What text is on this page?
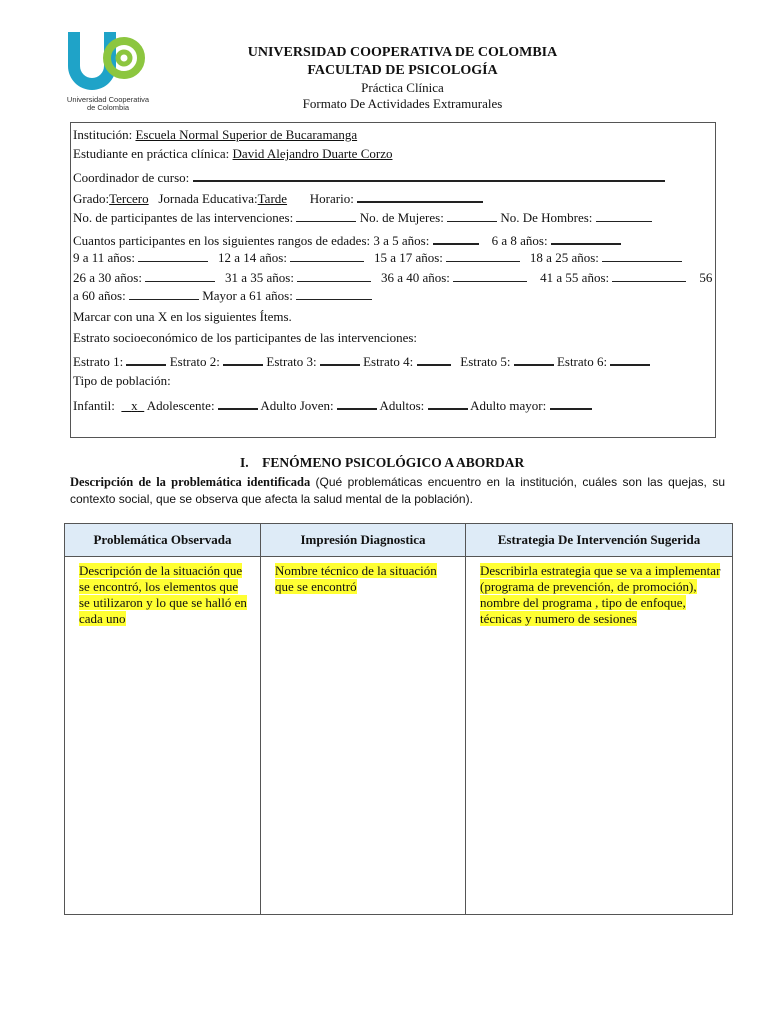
Universidad Cooperativa
de Colombia
UNIVERSIDAD COOPERATIVA DE COLOMBIA
FACULTAD DE PSICOLOGÍA
Práctica Clínica
Formato De Actividades Extramurales
Institución: Escuela Normal Superior de Bucaramanga
Estudiante en práctica clínica: David Alejandro Duarte Corzo
Coordinador de curso:
Grado:Tercero Jornada Educativa:Tarde Horario:
No. de participantes de las intervenciones:	No. de Mujeres:	No. De Hombres:
Cuantos participantes en los siguientes rangos de edades: 3 a 5 años:	6 a 8 años:
9 a 11 años:	12 a 14 años:	15 a 17 años:	18 a 25 años:
26 a 30 años:	31 a 35 años:	36 a 40 años:	41 a 55 años:	56
a 60 años:	Mayor a 61 años:
Marcar con una X en los siguientes Ítems.
Estrato socioeconómico de los participantes de las intervenciones:
Estrato 1:	Estrato 2:	Estrato 3:	Estrato 4:	Estrato 5:	Estrato 6:
Tipo de población:
Infantil:   _x_ Adolescente:	Adulto Joven:	Adultos:	Adulto mayor:
I. FENÓMENO PSICOLÓGICO A ABORDAR
Descripción de la problemática identificada (Qué problemáticas encuentro en la institución, cuáles son las quejas, su contexto social, que se observa que afecta la salud mental de la población).
Problemática Observada	Impresión Diagnostica	Estrategia De Intervención Sugerida
Descripción de la situación que se encontró, los elementos que se utilizaron y lo que se halló en cada uno	Nombre técnico de la situación que se encontró	Describirla estrategia que se va a implementar (programa de prevención, de promoción), nombre del programa , tipo de enfoque, técnicas y numero de sesiones
